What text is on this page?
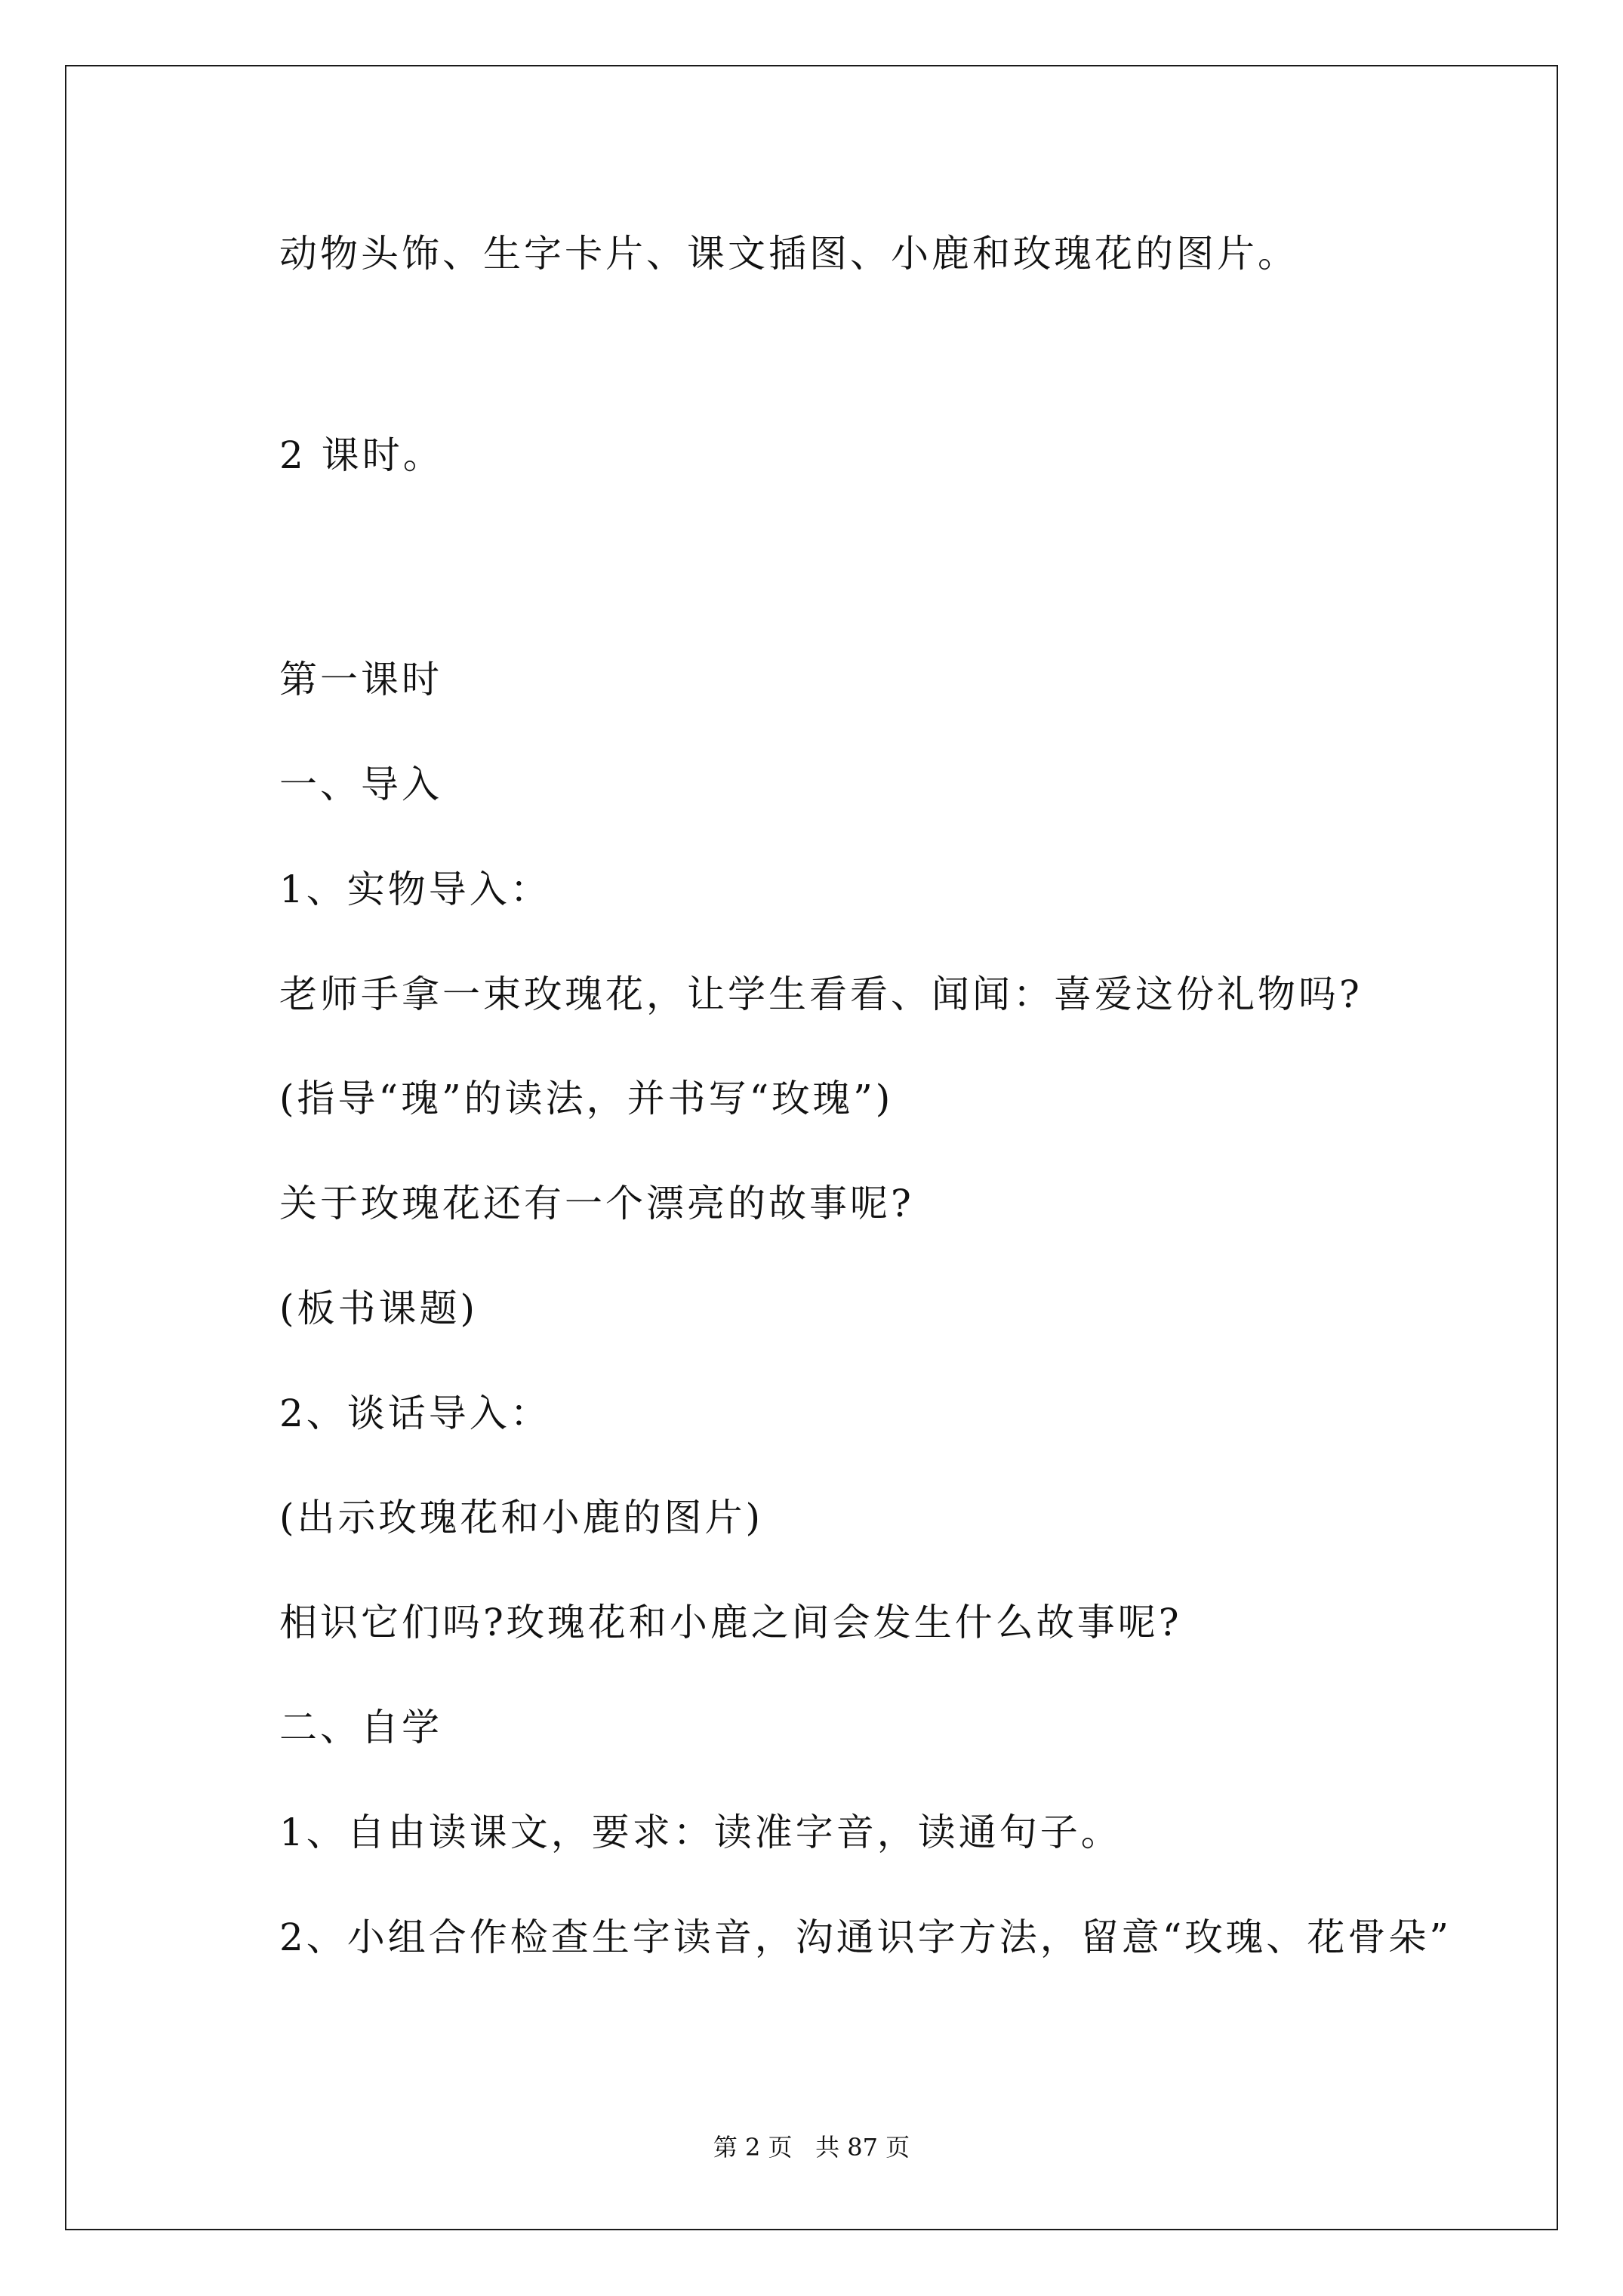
动物头饰、生字卡片、课文插图、小鹿和玫瑰花的图片。
2 课时。
第一课时
一、导入
1、实物导入：
老师手拿一束玫瑰花，让学生看看、闻闻：喜爱这份礼物吗?
(指导“瑰”的读法，并书写“玫瑰”)
关于玫瑰花还有一个漂亮的故事呢?
(板书课题)
2、谈话导入：
(出示玫瑰花和小鹿的图片)
相识它们吗?玫瑰花和小鹿之间会发生什么故事呢?
二、自学
1、自由读课文，要求：读准字音，读通句子。
2、小组合作检查生字读音，沟通识字方法，留意“玫瑰、花骨朵”
第 2 页   共 87 页
